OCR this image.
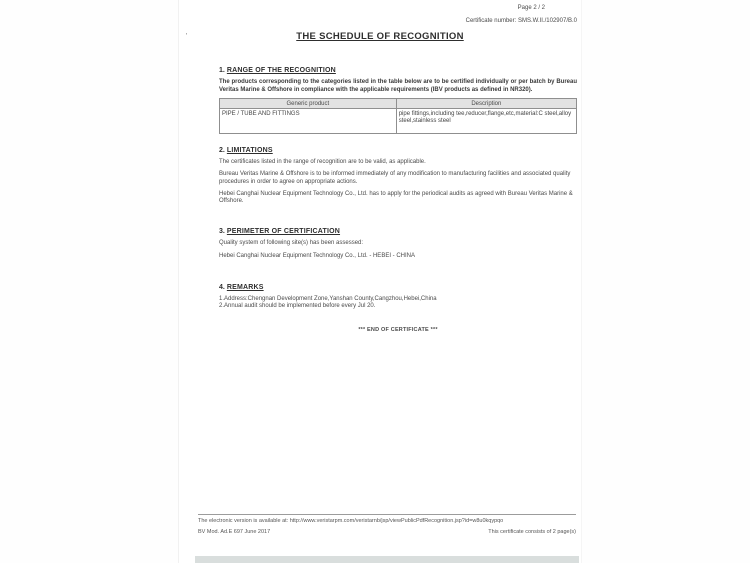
Page 2 / 2
Certificate number: SMS.W.II./102907/B.0
THE SCHEDULE OF RECOGNITION
'
1. RANGE OF THE RECOGNITION

The products corresponding to the categories listed in the table below are to be certified individually or per batch by Bureau Veritas Marine & Offshore in compliance with the applicable requirements (IBV products as defined in NR320).

Generic product	Description
PIPE / TUBE AND FITTINGS	pipe fittings,including tee,reducer,flange,etc,material:C steel,alloy steel,stainless steel
2. LIMITATIONS

The certificates listed in the range of recognition are to be valid, as applicable.

Bureau Veritas Marine & Offshore is to be informed immediately of any modification to manufacturing facilities and associated quality procedures in order to agree on appropriate actions.

Hebei Canghai Nuclear Equipment Technology Co., Ltd. has to apply for the periodical audits as agreed with Bureau Veritas Marine & Offshore.

3. PERIMETER OF CERTIFICATION

Quality system of following site(s) has been assessed:

Hebei Canghai Nuclear Equipment Technology Co., Ltd. - HEBEI - CHINA

4. REMARKS
1.Address:Chengnan Development Zone,Yanshan County,Cangzhou,Hebei,China
2.Annual audit should be implemented before every Jul 20.
*** END OF CERTIFICATE ***
The electronic version is available at: http://www.veristarpm.com/veristarnb/jsp/viewPublicPdfRecognition.jsp?id=w8u0kqypqo
BV Mod. Ad.E 697 June 2017	This certificate consists of 2 page(s)
